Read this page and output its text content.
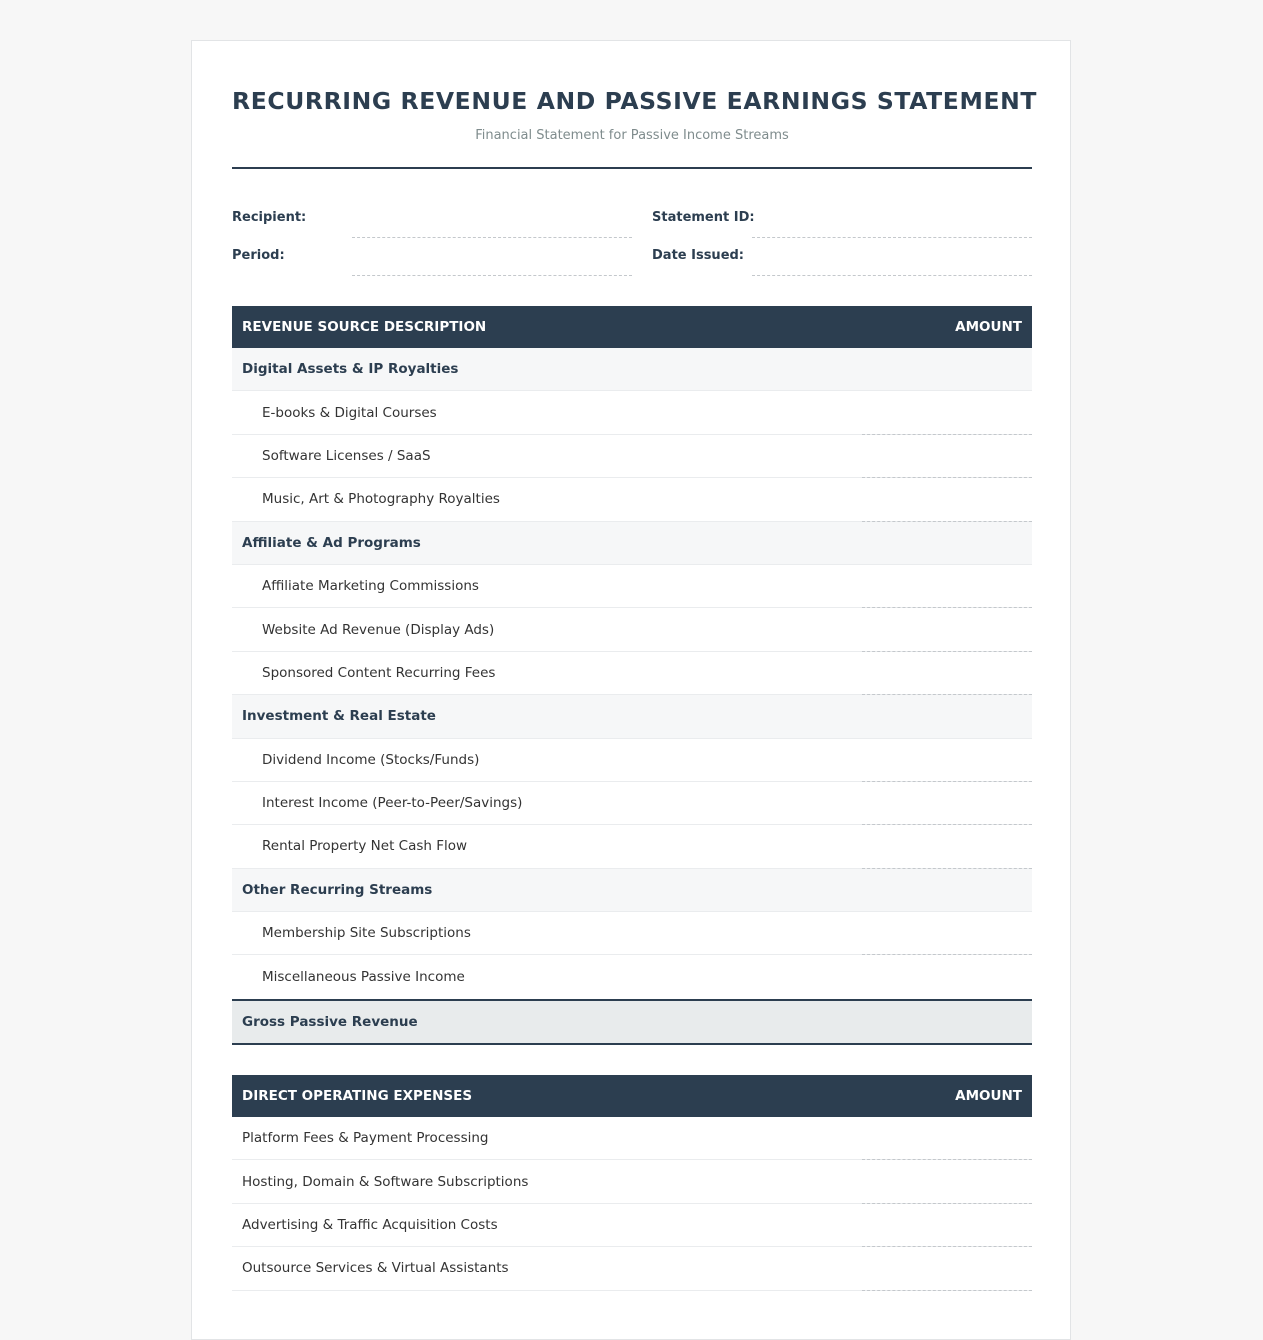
RECURRING REVENUE AND PASSIVE EARNINGS STATEMENT
Financial Statement for Passive Income Streams
Recipient:	Statement ID:
Period:	Date Issued:
REVENUE SOURCE DESCRIPTION	AMOUNT
Digital Assets & IP Royalties
E-books & Digital Courses
Software Licenses / SaaS
Music, Art & Photography Royalties
Affiliate & Ad Programs
Affiliate Marketing Commissions
Website Ad Revenue (Display Ads)
Sponsored Content Recurring Fees
Investment & Real Estate
Dividend Income (Stocks/Funds)
Interest Income (Peer-to-Peer/Savings)
Rental Property Net Cash Flow
Other Recurring Streams
Membership Site Subscriptions
Miscellaneous Passive Income
Gross Passive Revenue
DIRECT OPERATING EXPENSES	AMOUNT
Platform Fees & Payment Processing
Hosting, Domain & Software Subscriptions
Advertising & Traffic Acquisition Costs
Outsource Services & Virtual Assistants
